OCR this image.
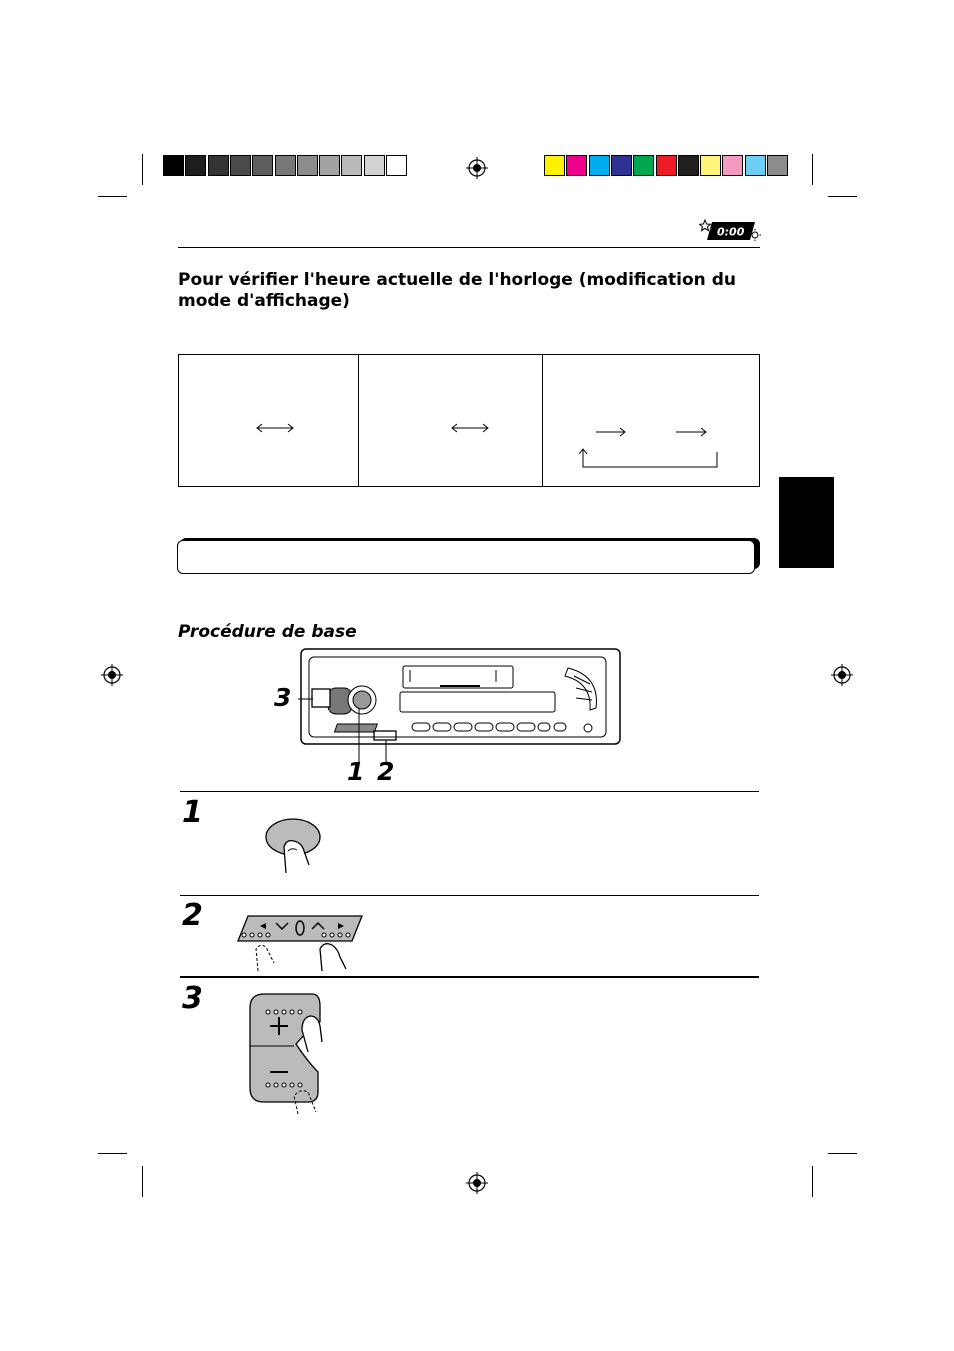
0:00
Pour vérifier l'heure actuelle de l'horloge (modification du mode d'affichage)
Procédure de base
3
1 2
1
2
3
